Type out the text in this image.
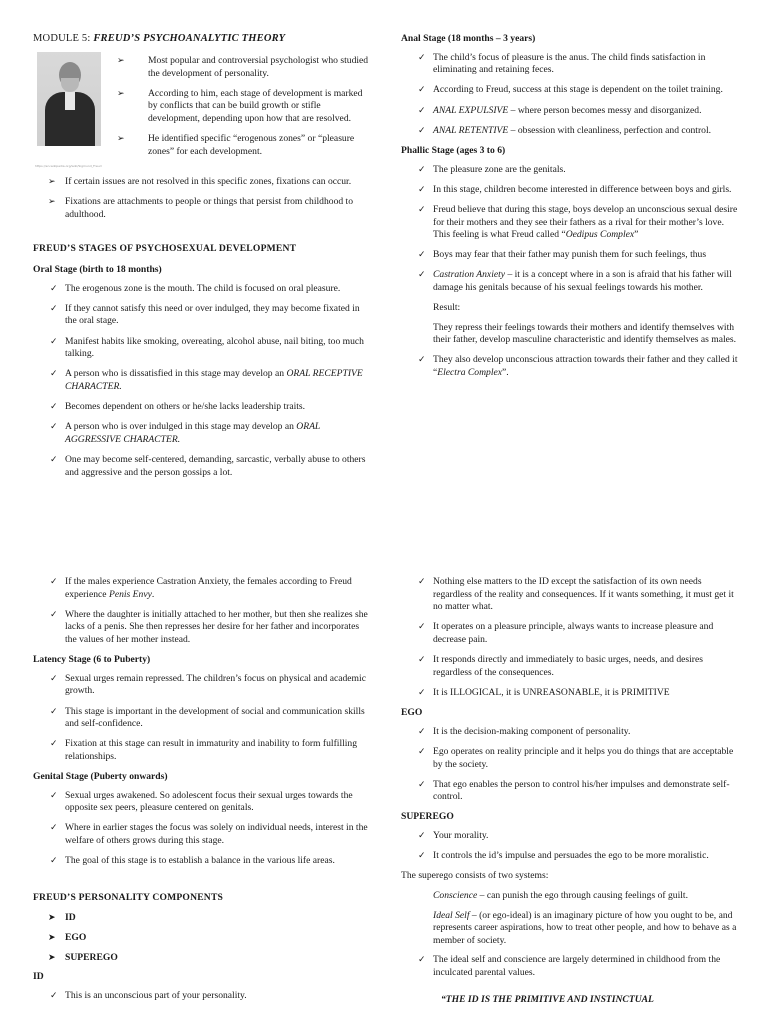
MODULE 5: FREUD’S PSYCHOANALYTIC THEORY
https://en.wikipedia.org/wiki/Sigmund_Freud
➢ Most popular and controversial psychologist who studied the development of personality.
➢ According to him, each stage of development is marked by conflicts that can be build growth or stifle development, depending upon how that are resolved.
➢ He identified specific “erogenous zones” or “pleasure zones” for each development.
➢ If certain issues are not resolved in this specific zones, fixations can occur.
➢ Fixations are attachments to people or things that persist from childhood to adulthood.
FREUD’S STAGES OF PSYCHOSEXUAL DEVELOPMENT
Oral Stage (birth to 18 months)
✓ The erogenous zone is the mouth. The child is focused on oral pleasure.
✓ If they cannot satisfy this need or over indulged, they may become fixated in the oral stage.
✓ Manifest habits like smoking, overeating, alcohol abuse, nail biting, too much talking.
✓ A person who is dissatisfied in this stage may develop an ORAL RECEPTIVE CHARACTER.
✓ Becomes dependent on others or he/she lacks leadership traits.
✓ A person who is over indulged in this stage may develop an ORAL AGGRESSIVE CHARACTER.
✓ One may become self-centered, demanding, sarcastic, verbally abuse to others and aggressive and the person gossips a lot.
Anal Stage (18 months – 3 years)
✓ The child’s focus of pleasure is the anus. The child finds satisfaction in eliminating and retaining feces.
✓ According to Freud, success at this stage is dependent on the toilet training.
✓ ANAL EXPULSIVE – where person becomes messy and disorganized.
✓ ANAL RETENTIVE – obsession with cleanliness, perfection and control.
Phallic Stage (ages 3 to 6)
✓ The pleasure zone are the genitals.
✓ In this stage, children become interested in difference between boys and girls.
✓ Freud believe that during this stage, boys develop an unconscious sexual desire for their mothers and they see their fathers as a rival for their mother’s love. This feeling is what Freud called “Oedipus Complex”
✓ Boys may fear that their father may punish them for such feelings, thus
✓ Castration Anxiety – it is a concept where in a son is afraid that his father will damage his genitals because of his sexual feelings towards his mother.
Result:
They repress their feelings towards their mothers and identify themselves with their father, develop masculine characteristic and identify themselves as males.
✓ They also develop unconscious attraction towards their father and they called it “Electra Complex”.
✓ If the males experience Castration Anxiety, the females according to Freud experience Penis Envy.
✓ Where the daughter is initially attached to her mother, but then she realizes she lacks of a penis. She then represses her desire for her father and incorporates the values of her mother instead.
Latency Stage (6 to Puberty)
✓ Sexual urges remain repressed. The children’s focus on physical and academic growth.
✓ This stage is important in the development of social and communication skills and self-confidence.
✓ Fixation at this stage can result in immaturity and inability to form fulfilling relationships.
Genital Stage (Puberty onwards)
✓ Sexual urges awakened. So adolescent focus their sexual urges towards the opposite sex peers, pleasure centered on genitals.
✓ Where in earlier stages the focus was solely on individual needs, interest in the welfare of others grows during this stage.
✓ The goal of this stage is to establish a balance in the various life areas.
FREUD’S PERSONALITY COMPONENTS
➤ ID
➤ EGO
➤ SUPEREGO
ID
✓ This is an unconscious part of your personality.
✓ Nothing else matters to the ID except the satisfaction of its own needs regardless of the reality and consequences. If it wants something, it must get it no matter what.
✓ It operates on a pleasure principle, always wants to increase pleasure and decrease pain.
✓ It responds directly and immediately to basic urges, needs, and desires regardless of the consequences.
✓ It is ILLOGICAL, it is UNREASONABLE, it is PRIMITIVE
EGO
✓ It is the decision-making component of personality.
✓ Ego operates on reality principle and it helps you do things that are acceptable by the society.
✓ That ego enables the person to control his/her impulses and demonstrate self-control.
SUPEREGO
✓ Your morality.
✓ It controls the id’s impulse and persuades the ego to be more moralistic.
The superego consists of two systems:
Conscience – can punish the ego through causing feelings of guilt.
Ideal Self – (or ego-ideal) is an imaginary picture of how you ought to be, and represents career aspirations, how to treat other people, and how to behave as a member of society.
✓ The ideal self and conscience are largely determined in childhood from the inculcated parental values.
“THE ID IS THE PRIMITIVE AND INSTINCTUAL
